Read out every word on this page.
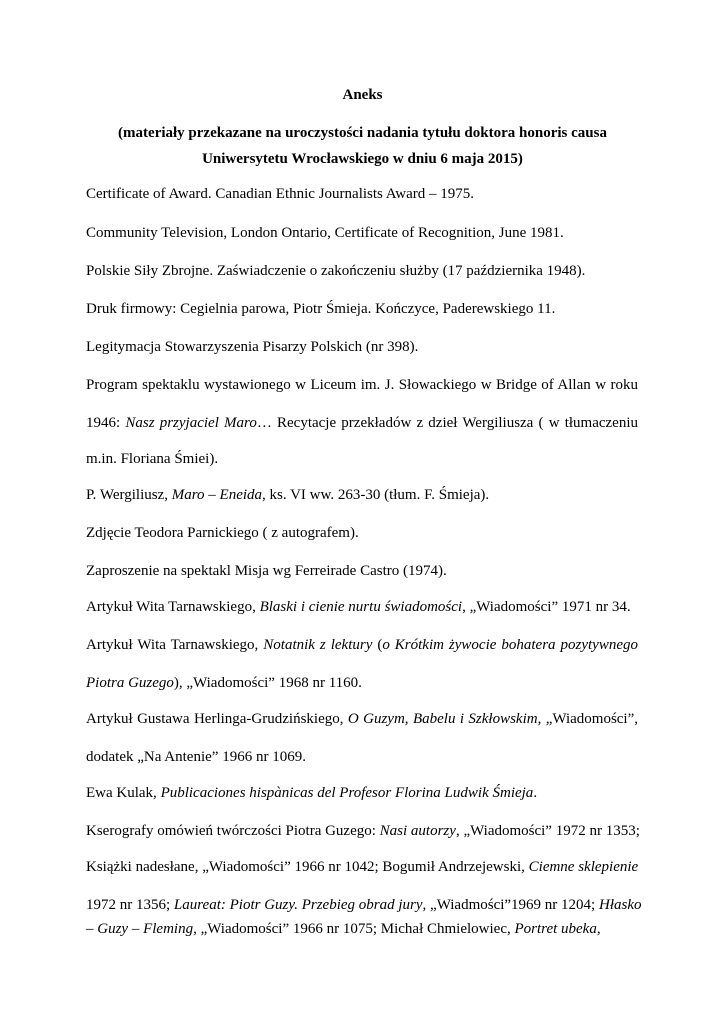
Aneks
(materiały przekazane na uroczystości nadania tytułu doktora honoris causa
Uniwersytetu Wrocławskiego w dniu 6 maja 2015)
Certificate of Award. Canadian Ethnic Journalists Award – 1975.
Community Television, London Ontario, Certificate of Recognition, June 1981.
Polskie Siły Zbrojne. Zaświadczenie o zakończeniu służby (17 października 1948).
Druk firmowy: Cegielnia parowa, Piotr Śmieja. Kończyce, Paderewskiego 11.
Legitymacja Stowarzyszenia Pisarzy Polskich (nr 398).
Program spektaklu wystawionego w Liceum im. J. Słowackiego w Bridge of Allan w roku
1946: Nasz przyjaciel Maro… Recytacje przekładów z dzieł Wergiliusza ( w tłumaczeniu
m.in. Floriana Śmiei).
P. Wergiliusz, Maro – Eneida, ks. VI ww. 263-30 (tłum. F. Śmieja).
Zdjęcie Teodora Parnickiego ( z autografem).
Zaproszenie na spektakl Misja wg Ferreirade Castro (1974).
Artykuł Wita Tarnawskiego, Blaski i cienie nurtu świadomości, „Wiadomości” 1971 nr 34.
Artykuł Wita Tarnawskiego, Notatnik z lektury (o Krótkim żywocie bohatera pozytywnego
Piotra Guzego), „Wiadomości” 1968 nr 1160.
Artykuł Gustawa Herlinga-Grudzińskiego, O Guzym, Babelu i Szkłowskim, „Wiadomości”,
dodatek „Na Antenie” 1966 nr 1069.
Ewa Kulak, Publicaciones hispànicas del Profesor Florina Ludwik Śmieja.
Kserografy omówień twórczości Piotra Guzego: Nasi autorzy, „Wiadomości” 1972 nr 1353;
Książki nadesłane, „Wiadomości” 1966 nr 1042; Bogumił Andrzejewski, Ciemne sklepienie
1972 nr 1356; Laureat: Piotr Guzy. Przebieg obrad jury, „Wiadmości”1969 nr 1204; Hłasko
– Guzy – Fleming, „Wiadomości” 1966 nr 1075; Michał Chmielowiec, Portret ubeka,
